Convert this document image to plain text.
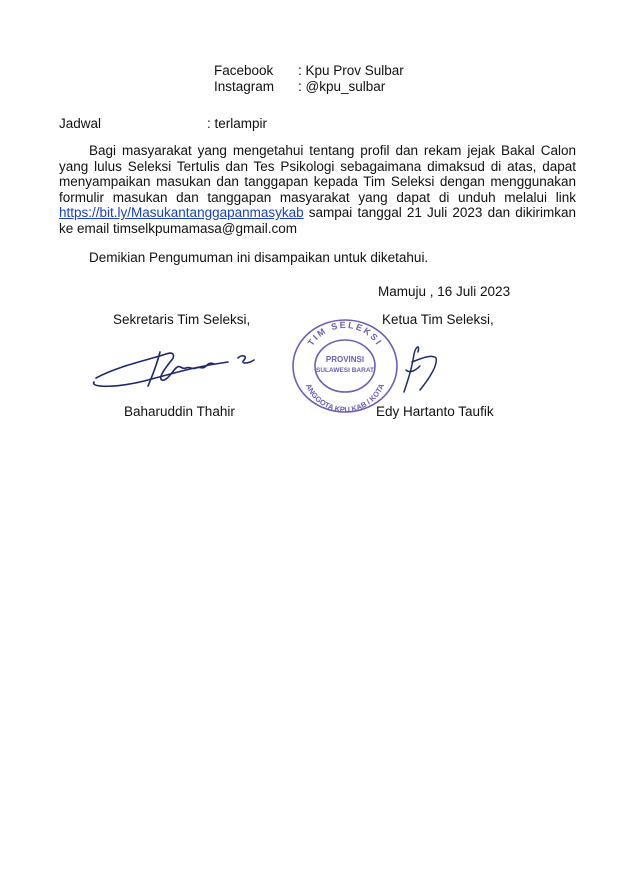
Facebook	: Kpu Prov Sulbar
Instagram	: @kpu_sulbar
Jadwal	: terlampir
Bagi masyarakat yang mengetahui tentang profil dan rekam jejak Bakal Calon yang lulus Seleksi Tertulis dan Tes Psikologi sebagaimana dimaksud di atas, dapat menyampaikan masukan dan tanggapan kepada Tim Seleksi dengan menggunakan formulir masukan dan tanggapan masyarakat yang dapat di unduh melalui link https://bit.ly/Masukantanggapanmasykab sampai tanggal 21 Juli 2023 dan dikirimkan ke email timselkpumamasa@gmail.com
Demikian Pengumuman ini disampaikan untuk diketahui.
Mamuju , 16 Juli 2023
Sekretaris Tim Seleksi,	Ketua Tim Seleksi,
TIM SELEKSI
ANGGOTA KPU KAB / KOTA
PROVINSI
SULAWESI BARAT
Baharuddin Thahir	Edy Hartanto Taufik
